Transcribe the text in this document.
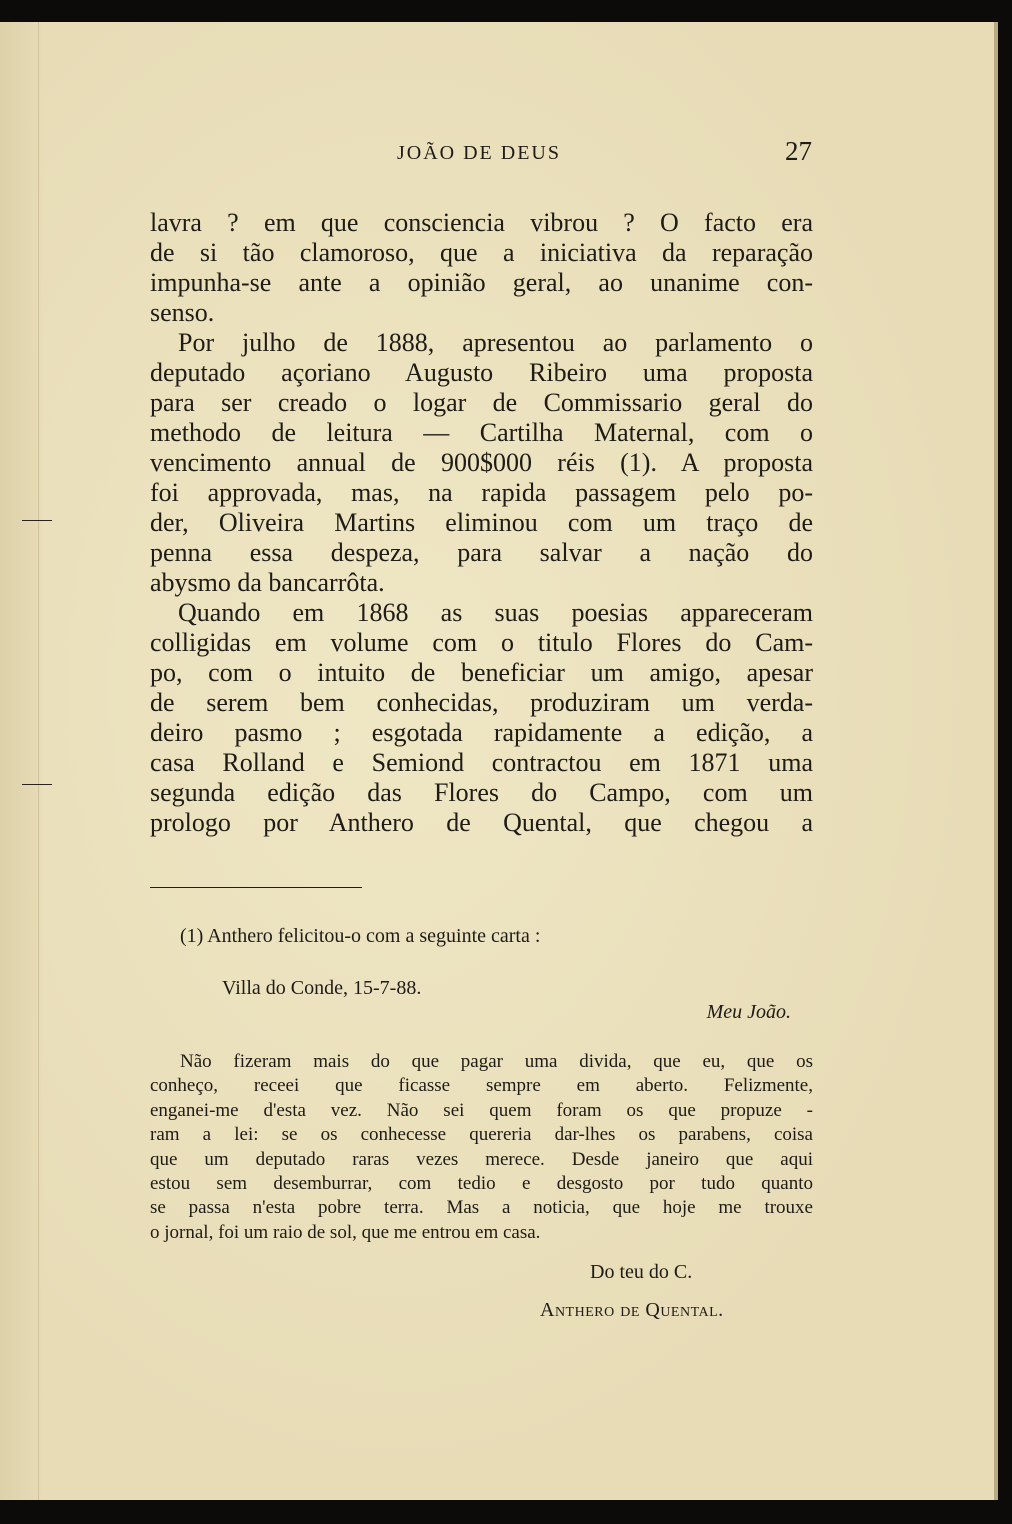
JOÃO DE DEUS	27
lavra ? em que consciencia vibrou ? O facto era
de si tão clamoroso, que a iniciativa da reparação
impunha-se ante a opinião geral, ao unanime con-
senso.
Por julho de 1888, apresentou ao parlamento o
deputado açoriano Augusto Ribeiro uma proposta
para ser creado o logar de Commissario geral do
methodo de leitura — Cartilha Maternal, com o
vencimento annual de 900$000 réis (1). A proposta
foi approvada, mas, na rapida passagem pelo po-
der, Oliveira Martins eliminou com um traço de
penna essa despeza, para salvar a nação do
abysmo da bancarrôta.
Quando em 1868 as suas poesias appareceram
colligidas em volume com o titulo Flores do Cam-
po, com o intuito de beneficiar um amigo, apesar
de serem bem conhecidas, produziram um verda-
deiro pasmo ; esgotada rapidamente a edição, a
casa Rolland e Semiond contractou em 1871 uma
segunda edição das Flores do Campo, com um
prologo por Anthero de Quental, que chegou a
(1) Anthero felicitou-o com a seguinte carta :
Villa do Conde, 15-7-88.
Meu João.
Não fizeram mais do que pagar uma divida, que eu, que os
conheço, receei que ficasse sempre em aberto. Felizmente,
enganei-me d'esta vez. Não sei quem foram os que propuze -
ram a lei: se os conhecesse quereria dar-lhes os parabens, coisa
que um deputado raras vezes merece. Desde janeiro que aqui
estou sem desemburrar, com tedio e desgosto por tudo quanto
se passa n'esta pobre terra. Mas a noticia, que hoje me trouxe
o jornal, foi um raio de sol, que me entrou em casa.
Do teu do C.
Anthero de Quental.
